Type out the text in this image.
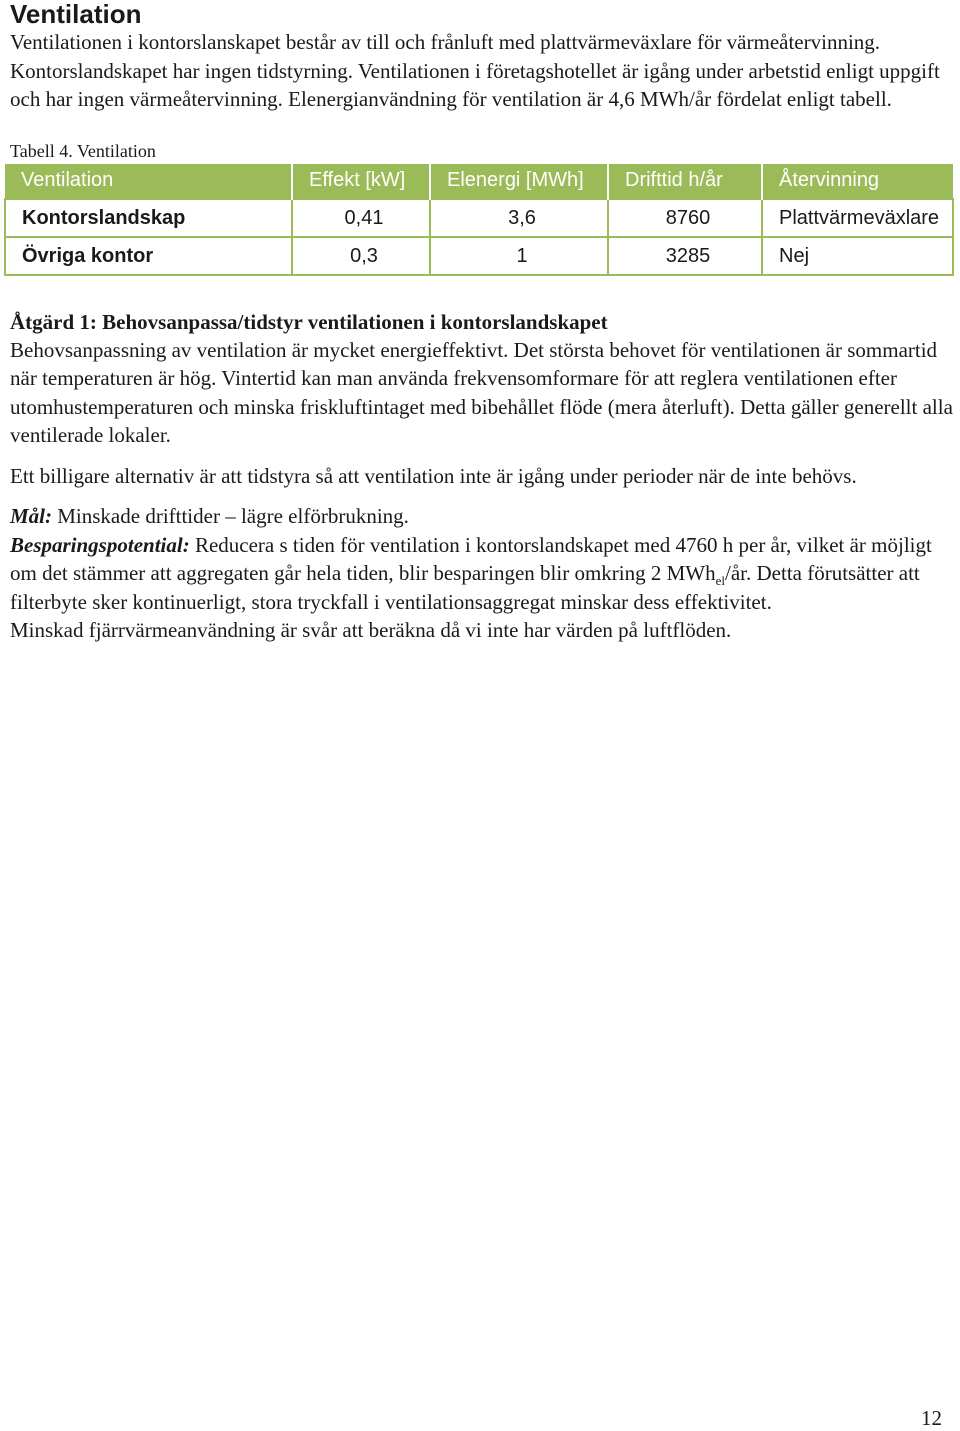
Ventilation

Ventilationen i kontorslanskapet består av till och frånluft med plattvärmeväxlare för värmeåtervinning. Kontorslandskapet har ingen tidstyrning. Ventilationen i företagshotellet är igång under arbetstid enligt uppgift och har ingen värmeåtervinning. Elenergianvändning för ventilation är 4,6 MWh/år fördelat enligt tabell.

Tabell 4. Ventilation
Ventilation	Effekt [kW]	Elenergi [MWh]	Drifttid h/år	Återvinning
Kontorslandskap	0,41	3,6	8760	Plattvärmeväxlare
Övriga kontor	0,3	1	3285	Nej
Åtgärd 1: Behovsanpassa/tidstyr ventilationen i kontorslandskapet

Behovsanpassning av ventilation är mycket energieffektivt. Det största behovet för ventilationen är sommartid när temperaturen är hög. Vintertid kan man använda frekvensomformare för att reglera ventilationen efter utomhustemperaturen och minska friskluftintaget med bibehållet flöde (mera återluft). Detta gäller generellt alla ventilerade lokaler.

Ett billigare alternativ är att tidstyra så att ventilation inte är igång under perioder när de inte behövs.

Mål: Minskade drifttider – lägre elförbrukning.

Besparingspotential: Reducera s tiden för ventilation i kontorslandskapet med 4760 h per år, vilket är möjligt om det stämmer att aggregaten går hela tiden, blir besparingen blir omkring 2 MWh$_{el}$/år. Detta förutsätter att filterbyte sker kontinuerligt, stora tryckfall i ventilationsaggregat minskar dess effektivitet.

Minskad fjärrvärmeanvändning är svår att beräkna då vi inte har värden på luftflöden.

12
